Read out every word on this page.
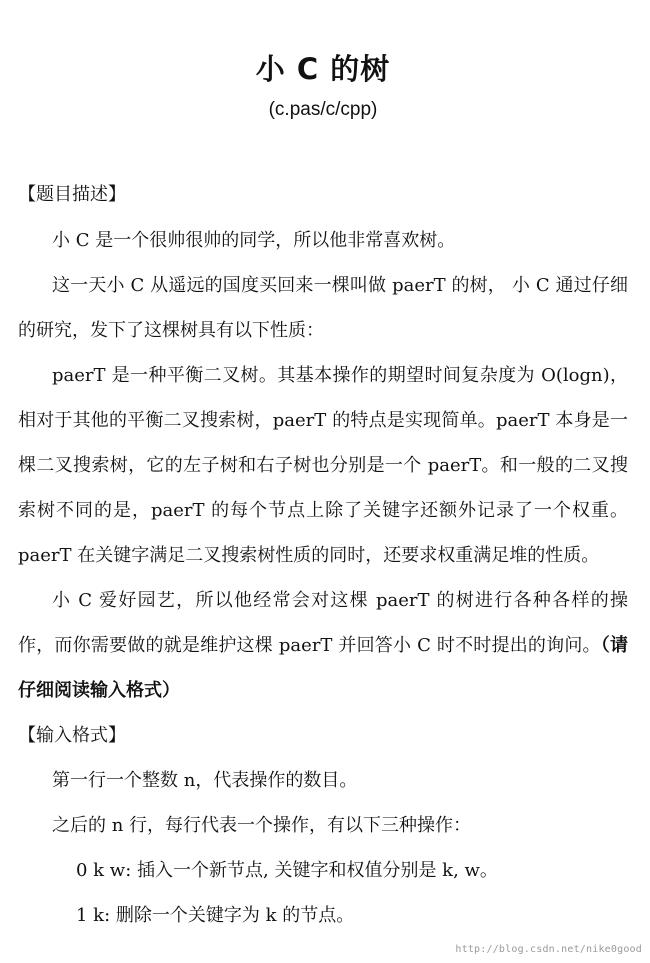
小 C 的树
(c.pas/c/cpp)
【题目描述】

小 C 是一个很帅很帅的同学，所以他非常喜欢树。

这一天小 C 从遥远的国度买回来一棵叫做 paerT 的树， 小 C 通过仔细的研究，发下了这棵树具有以下性质：

paerT 是一种平衡二叉树。其基本操作的期望时间复杂度为 O(logn)，相对于其他的平衡二叉搜索树，paerT 的特点是实现简单。paerT 本身是一棵二叉搜索树，它的左子树和右子树也分别是一个 paerT。和一般的二叉搜索树不同的是，paerT 的每个节点上除了关键字还额外记录了一个权重。paerT 在关键字满足二叉搜索树性质的同时，还要求权重满足堆的性质。

小 C 爱好园艺，所以他经常会对这棵 paerT 的树进行各种各样的操作，而你需要做的就是维护这棵 paerT 并回答小 C 时不时提出的询问。（请仔细阅读输入格式）

【输入格式】

第一行一个整数 n，代表操作的数目。

之后的 n 行，每行代表一个操作，有以下三种操作：

0 k w: 插入一个新节点, 关键字和权值分别是 k, w。

1 k: 删除一个关键字为 k 的节点。

http://blog.csdn.net/nike0good
